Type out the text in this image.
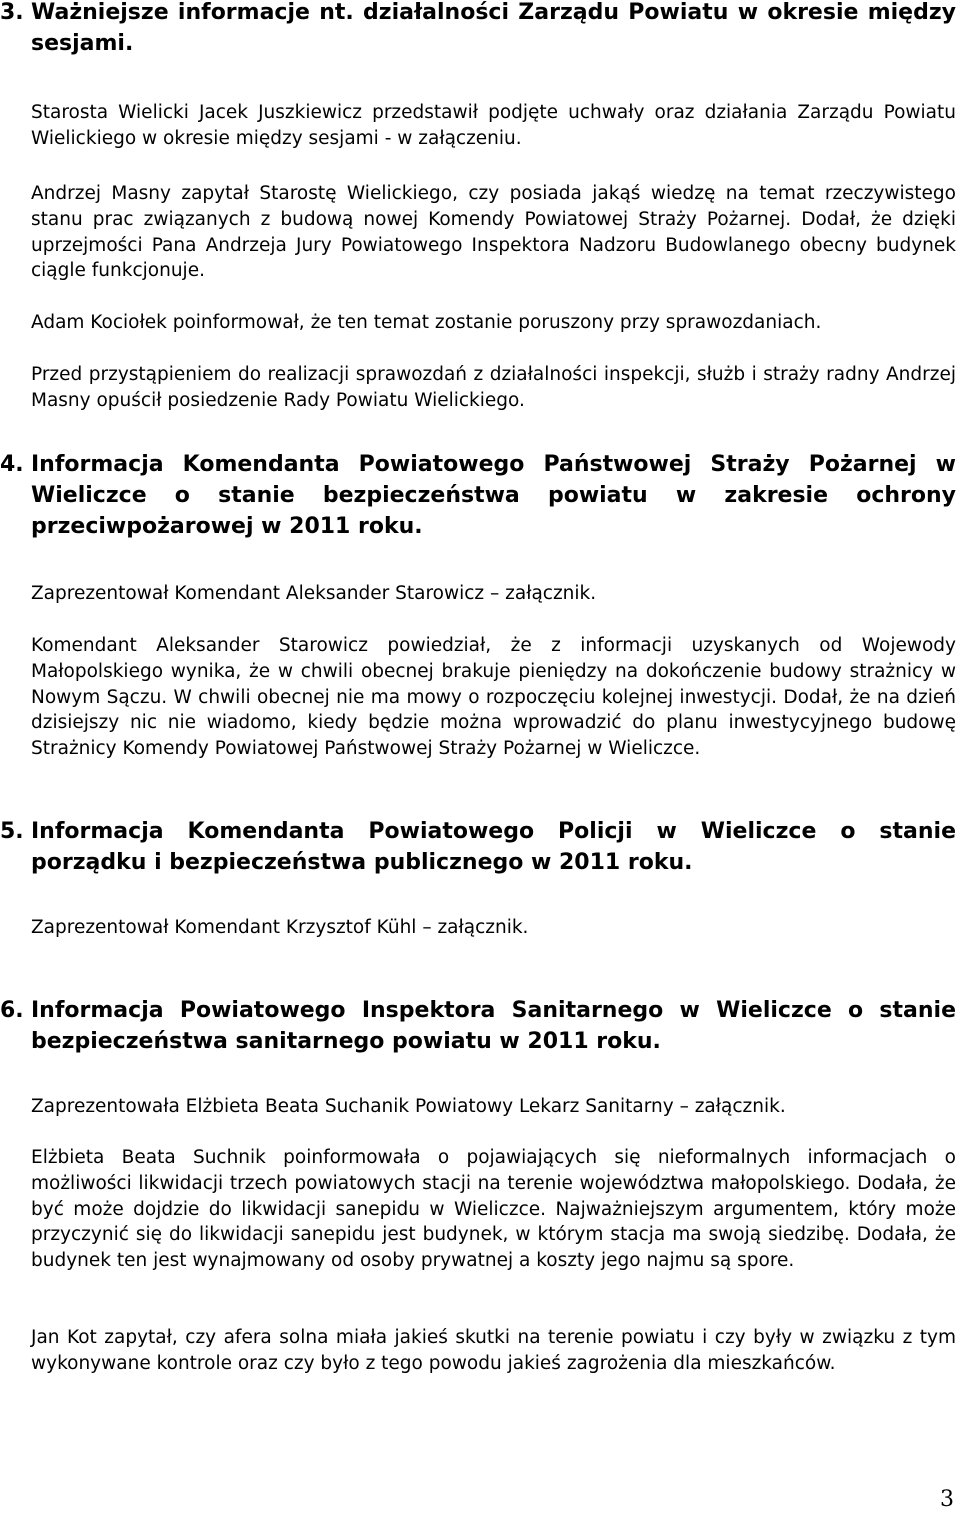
3. Ważniejsze informacje nt. działalności Zarządu Powiatu w okresie między sesjami.

Starosta Wielicki Jacek Juszkiewicz przedstawił podjęte uchwały oraz działania Zarządu Powiatu Wielickiego w okresie między sesjami - w załączeniu.

Andrzej Masny zapytał Starostę Wielickiego, czy posiada jakąś wiedzę na temat rzeczywistego stanu prac związanych z budową nowej Komendy Powiatowej Straży Pożarnej. Dodał, że dzięki uprzejmości Pana Andrzeja Jury Powiatowego Inspektora Nadzoru Budowlanego obecny budynek ciągle funkcjonuje.

Adam Kociołek poinformował, że ten temat zostanie poruszony przy sprawozdaniach.

Przed przystąpieniem do realizacji sprawozdań z działalności inspekcji, służb i straży radny Andrzej Masny opuścił posiedzenie Rady Powiatu Wielickiego.

4. Informacja Komendanta Powiatowego Państwowej Straży Pożarnej w Wieliczce o stanie bezpieczeństwa powiatu w zakresie ochrony przeciwpożarowej w 2011 roku.

Zaprezentował Komendant Aleksander Starowicz – załącznik.

Komendant Aleksander Starowicz powiedział, że z informacji uzyskanych od Wojewody Małopolskiego wynika, że w chwili obecnej brakuje pieniędzy na dokończenie budowy strażnicy w Nowym Sączu. W chwili obecnej nie ma mowy o rozpoczęciu kolejnej inwestycji. Dodał, że na dzień dzisiejszy nic nie wiadomo, kiedy będzie można wprowadzić do planu inwestycyjnego budowę Strażnicy Komendy Powiatowej Państwowej Straży Pożarnej w Wieliczce.

5. Informacja Komendanta Powiatowego Policji w Wieliczce o stanie porządku i bezpieczeństwa publicznego w 2011 roku.

Zaprezentował Komendant Krzysztof Kühl – załącznik.

6. Informacja Powiatowego Inspektora Sanitarnego w Wieliczce o stanie bezpieczeństwa sanitarnego powiatu w 2011 roku.

Zaprezentowała Elżbieta Beata Suchanik Powiatowy Lekarz Sanitarny – załącznik.

Elżbieta Beata Suchnik poinformowała o pojawiających się nieformalnych informacjach o możliwości likwidacji trzech powiatowych stacji na terenie województwa małopolskiego. Dodała, że być może dojdzie do likwidacji sanepidu w Wieliczce. Najważniejszym argumentem, który może przyczynić się do likwidacji sanepidu jest budynek, w którym stacja ma swoją siedzibę. Dodała, że budynek ten jest wynajmowany od osoby prywatnej a koszty jego najmu są spore.

Jan Kot zapytał, czy afera solna miała jakieś skutki na terenie powiatu i czy były w związku z tym wykonywane kontrole oraz czy było z tego powodu jakieś zagrożenia dla mieszkańców.

3
